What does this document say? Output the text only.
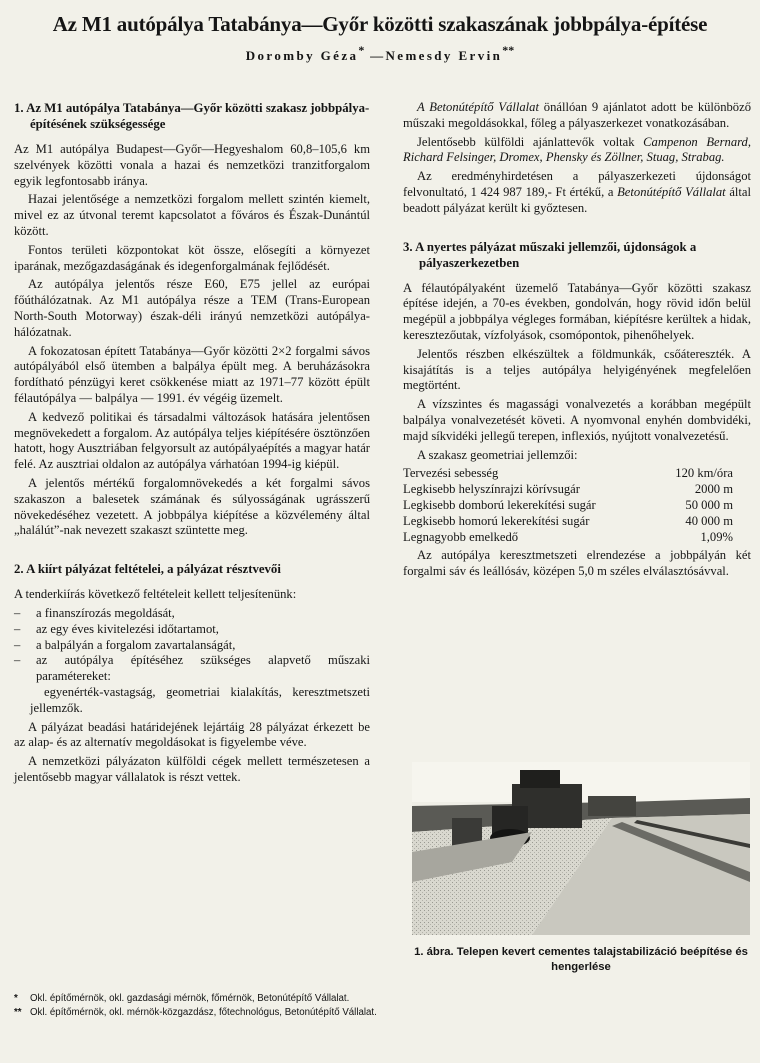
Az M1 autópálya Tatabánya—Győr közötti szakaszának jobbpálya-építése
Doromby Géza* —Nemesdy Ervin**
1. Az M1 autópálya Tatabánya—Győr közötti szakasz jobbpálya-építésének szükségessége

Az M1 autópálya Budapest—Győr—Hegyeshalom 60,8–105,6 km szelvények közötti vonala a hazai és nemzetközi tranzitforgalom egyik legfontosabb iránya.

Hazai jelentősége a nemzetközi forgalom mellett szintén kiemelt, mivel ez az útvonal teremt kapcsolatot a főváros és Észak-Dunántúl között.

Fontos területi központokat köt össze, elősegíti a környezet iparának, mezőgazdaságának és idegenforgalmának fejlődését.

Az autópálya jelentős része E60, E75 jellel az európai főúthálózatnak. Az M1 autópálya része a TEM (Trans-European North-South Motorway) észak-déli irányú nemzetközi autópálya-hálózatnak.

A fokozatosan épített Tatabánya—Győr közötti 2×2 forgalmi sávos autópályából első ütemben a balpálya épült meg. A beruházásokra fordítható pénzügyi keret csökkenése miatt az 1971–77 között épült félautópálya — balpálya — 1991. év végéig üzemelt.

A kedvező politikai és társadalmi változások hatására jelentősen megnövekedett a forgalom. Az autópálya teljes kiépítésére ösztönzően hatott, hogy Ausztriában felgyorsult az autópályaépítés a magyar határ felé. Az ausztriai oldalon az autópálya várhatóan 1994-ig kiépül.

A jelentős mértékű forgalomnövekedés a két forgalmi sávos szakaszon a balesetek számának és súlyosságának ugrásszerű növekedéséhez vezetett. A jobbpálya kiépítése a közvélemény által „halálút”-nak nevezett szakaszt szüntette meg.

2. A kiírt pályázat feltételei, a pályázat résztvevői

A tenderkiírás következő feltételeit kellett teljesítenünk:

– a finanszírozás megoldását,
– az egy éves kivitelezési időtartamot,
– a balpályán a forgalom zavartalanságát,
– az autópálya építéséhez szükséges alapvető műszaki paramétereket:

egyenérték-vastagság, geometriai kialakítás, keresztmetszeti jellemzők.

A pályázat beadási határidejének lejártáig 28 pályázat érkezett be az alap- és az alternatív megoldásokat is figyelembe véve.

A nemzetközi pályázaton külföldi cégek mellett természetesen a jelentősebb magyar vállalatok is részt vettek.

A Betonútépítő Vállalat önállóan 9 ajánlatot adott be különböző műszaki megoldásokkal, főleg a pályaszerkezet vonatkozásában.

Jelentősebb külföldi ajánlattevők voltak Campenon Bernard, Richard Felsinger, Dromex, Phensky és Zöllner, Stuag, Strabag.

Az eredményhirdetésen a pályaszerkezeti újdonságot felvonultató, 1 424 987 189,- Ft értékű, a Betonútépítő Vállalat által beadott pályázat került ki győztesen.

3. A nyertes pályázat műszaki jellemzői, újdonságok a pályaszerkezetben

A félautópályaként üzemelő Tatabánya—Győr közötti szakasz építése idején, a 70-es években, gondolván, hogy rövid időn belül megépül a jobbpálya végleges formában, kiépítésre kerültek a hidak, keresztezőutak, vízfolyások, csomópontok, pihenőhelyek.

Jelentős részben elkészültek a földmunkák, csőátereszték. A kisajátítás is a teljes autópálya helyigényének megfelelően megtörtént.

A vízszintes és magassági vonalvezetés a korábban megépült balpálya vonalvezetését követi. A nyomvonal enyhén dombvidéki, majd síkvidéki jellegű terepen, inflexiós, nyújtott vonalvezetésű.

A szakasz geometriai jellemzői:

Tervezési sebesség	120 km/óra
Legkisebb helyszínrajzi körívsugár	2000 m
Legkisebb domború lekerekítési sugár	50 000 m
Legkisebb homorú lekerekítési sugár	40 000 m
Legnagyobb emelkedő	1,09%

Az autópálya keresztmetszeti elrendezése a jobbpályán két forgalmi sáv és leállósáv, középen 5,0 m széles elválasztósávval.

1. ábra. Telepen kevert cementes talajstabilizáció beépítése és hengerlése
* Okl. építőmérnök, okl. gazdasági mérnök, főmérnök, Betonútépítő Vállalat.
** Okl. építőmérnök, okl. mérnök-közgazdász, főtechnológus, Betonútépítő Vállalat.
